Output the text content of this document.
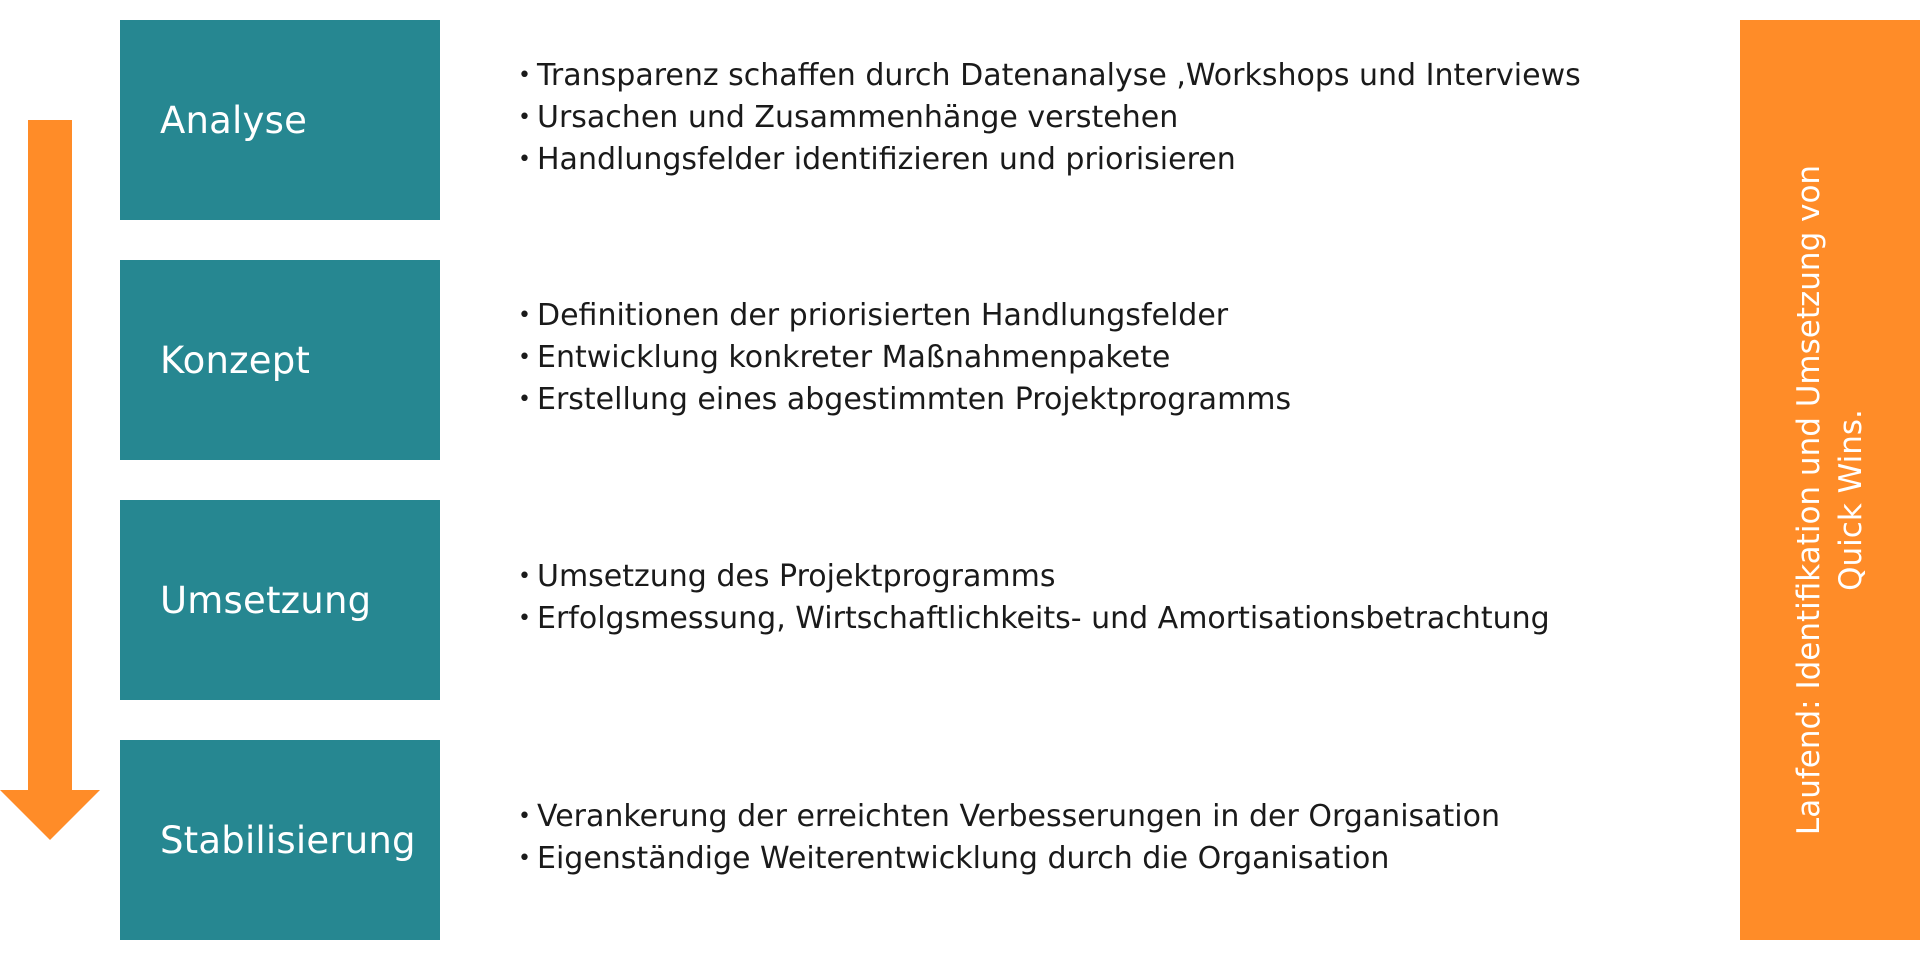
Analyse
• Transparenz schaffen durch Datenanalyse ,Workshops und Interviews
• Ursachen und Zusammenhänge verstehen
• Handlungsfelder identifizieren und priorisieren
Konzept
• Definitionen der priorisierten Handlungsfelder
• Entwicklung konkreter Maßnahmenpakete
• Erstellung eines abgestimmten Projektprogramms
Umsetzung
• Umsetzung des Projektprogramms
• Erfolgsmessung, Wirtschaftlichkeits- und Amortisationsbetrachtung
Stabilisierung
• Verankerung der erreichten Verbesserungen in der Organisation
• Eigenständige Weiterentwicklung durch die Organisation
Laufend: Identifikation und Umsetzung von Quick Wins.
